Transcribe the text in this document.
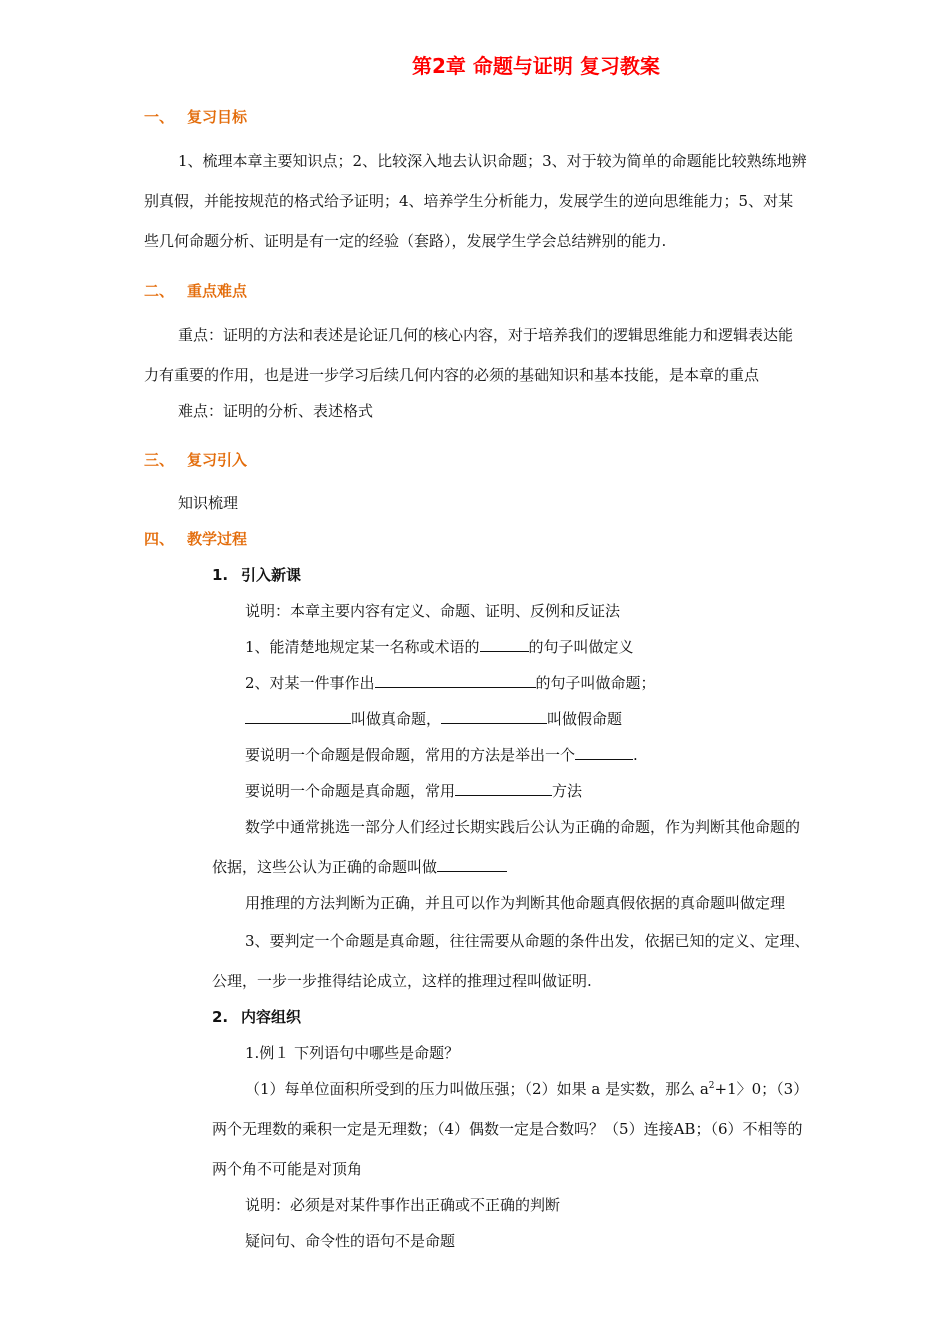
第2章 命题与证明 复习教案
一、 复习目标
1、梳理本章主要知识点；2、比较深入地去认识命题；3、对于较为简单的命题能比较熟练地辨
别真假，并能按规范的格式给予证明；4、培养学生分析能力，发展学生的逆向思维能力；5、对某
些几何命题分析、证明是有一定的经验（套路），发展学生学会总结辨别的能力.
二、 重点难点
重点：证明的方法和表述是论证几何的核心内容，对于培养我们的逻辑思维能力和逻辑表达能
力有重要的作用，也是进一步学习后续几何内容的必须的基础知识和基本技能，是本章的重点
难点：证明的分析、表述格式
三、 复习引入
知识梳理
四、 教学过程
1. 引入新课
说明：本章主要内容有定义、命题、证明、反例和反证法
1、能清楚地规定某一名称或术语的	的句子叫做定义
2、对某一件事作出	的句子叫做命题；
叫做真命题，	叫做假命题
要说明一个命题是假命题，常用的方法是举出一个	.
要说明一个命题是真命题，常用	方法
数学中通常挑选一部分人们经过长期实践后公认为正确的命题，作为判断其他命题的
依据，这些公认为正确的命题叫做
用推理的方法判断为正确，并且可以作为判断其他命题真假依据的真命题叫做定理
3、要判定一个命题是真命题，往往需要从命题的条件出发，依据已知的定义、定理、
公理，一步一步推得结论成立，这样的推理过程叫做证明.
2. 内容组织
1.例１ 下列语句中哪些是命题？
（1）每单位面积所受到的压力叫做压强；（2）如果 a 是实数，那么 $a^2+1$〉0；（3）
两个无理数的乘积一定是无理数；（4）偶数一定是合数吗？（5）连接AB；（6）不相等的
两个角不可能是对顶角
说明：必须是对某件事作出正确或不正确的判断
疑问句、命令性的语句不是命题
